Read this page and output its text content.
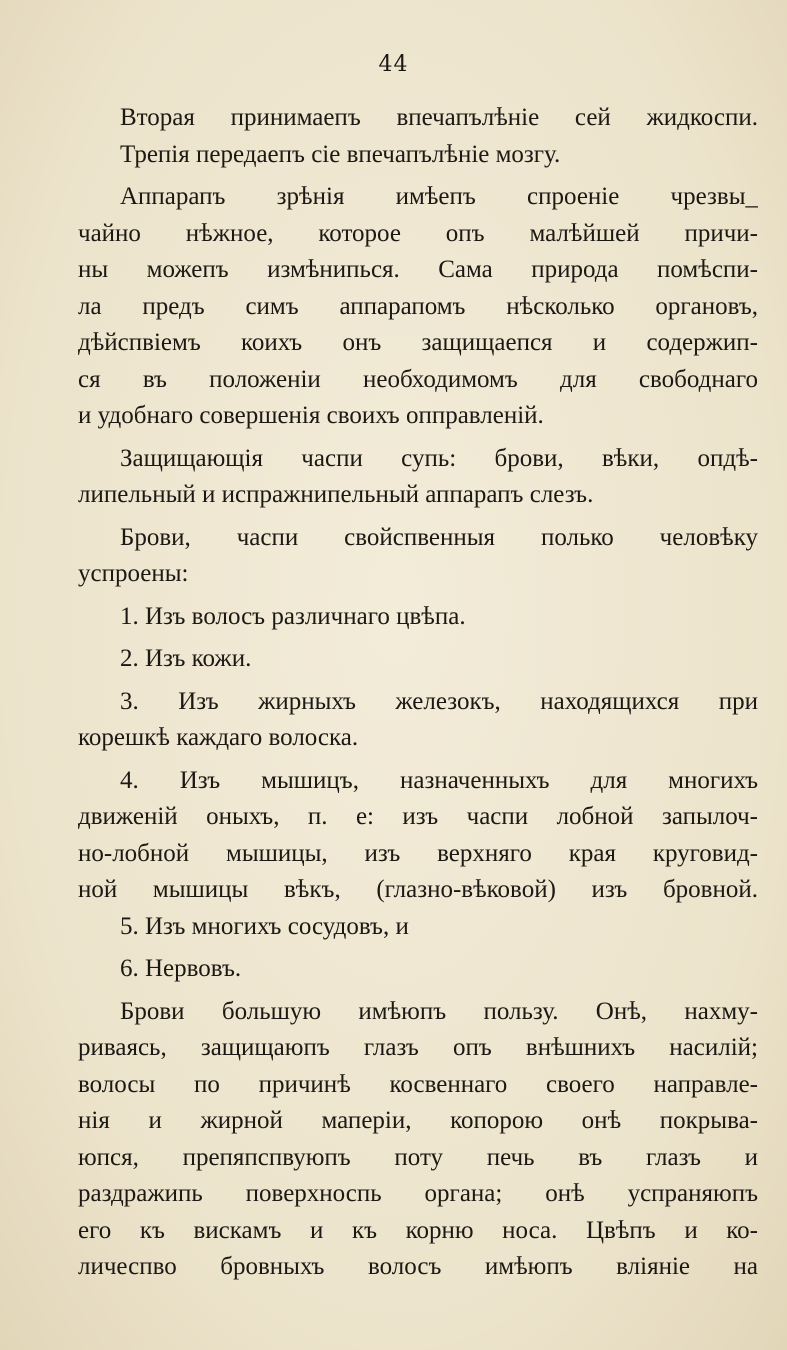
44
Вторая принимаепъ впечапълѣніе сей жидкоспи.
Трепія передаепъ сіе впечапълѣніе мозгу.
Аппарапъ зрѣнія имѣепъ спроеніе чрезвы_
чайно нѣжное, которое опъ малѣйшей причи-
ны можепъ измѣнипься. Сама природа помѣспи-
ла предъ симъ аппарапомъ нѣсколько органовъ,
дѣйспвіемъ коихъ онъ защищаепся и содержип-
ся въ положеніи необходимомъ для свободнаго
и удобнаго совершенія своихъ опправленій.
Защищающія часпи супь: брови, вѣки, опдѣ-
липельный и испражнипельный аппарапъ слезъ.
Брови, часпи свойспвенныя полько человѣку
успроены:
1. Изъ волосъ различнаго цвѣпа.
2. Изъ кожи.
3. Изъ жирныхъ железокъ, находящихся при
корешкѣ каждаго волоска.
4. Изъ мышицъ, назначенныхъ для многихъ
движеній оныхъ, п. е: изъ часпи лобной запылоч-
но-лобной мышицы, изъ верхняго края круговид-
ной мышицы вѣкъ, (глазно-вѣковой) изъ бровной.
5. Изъ многихъ сосудовъ, и
6. Нервовъ.
Брови большую имѣюпъ пользу. Онѣ, нахму-
риваясь, защищаюпъ глазъ опъ внѣшнихъ насилій;
волосы по причинѣ косвеннаго своего направле-
нія и жирной маперіи, копорою онѣ покрыва-
юпся, препяпспвуюпъ поту печь въ глазъ и
раздражипь поверхноспь органа; онѣ успраняюпъ
его къ вискамъ и къ корню носа. Цвѣпъ и ко-
личеспво бровныхъ волосъ имѣюпъ вліяніе на
